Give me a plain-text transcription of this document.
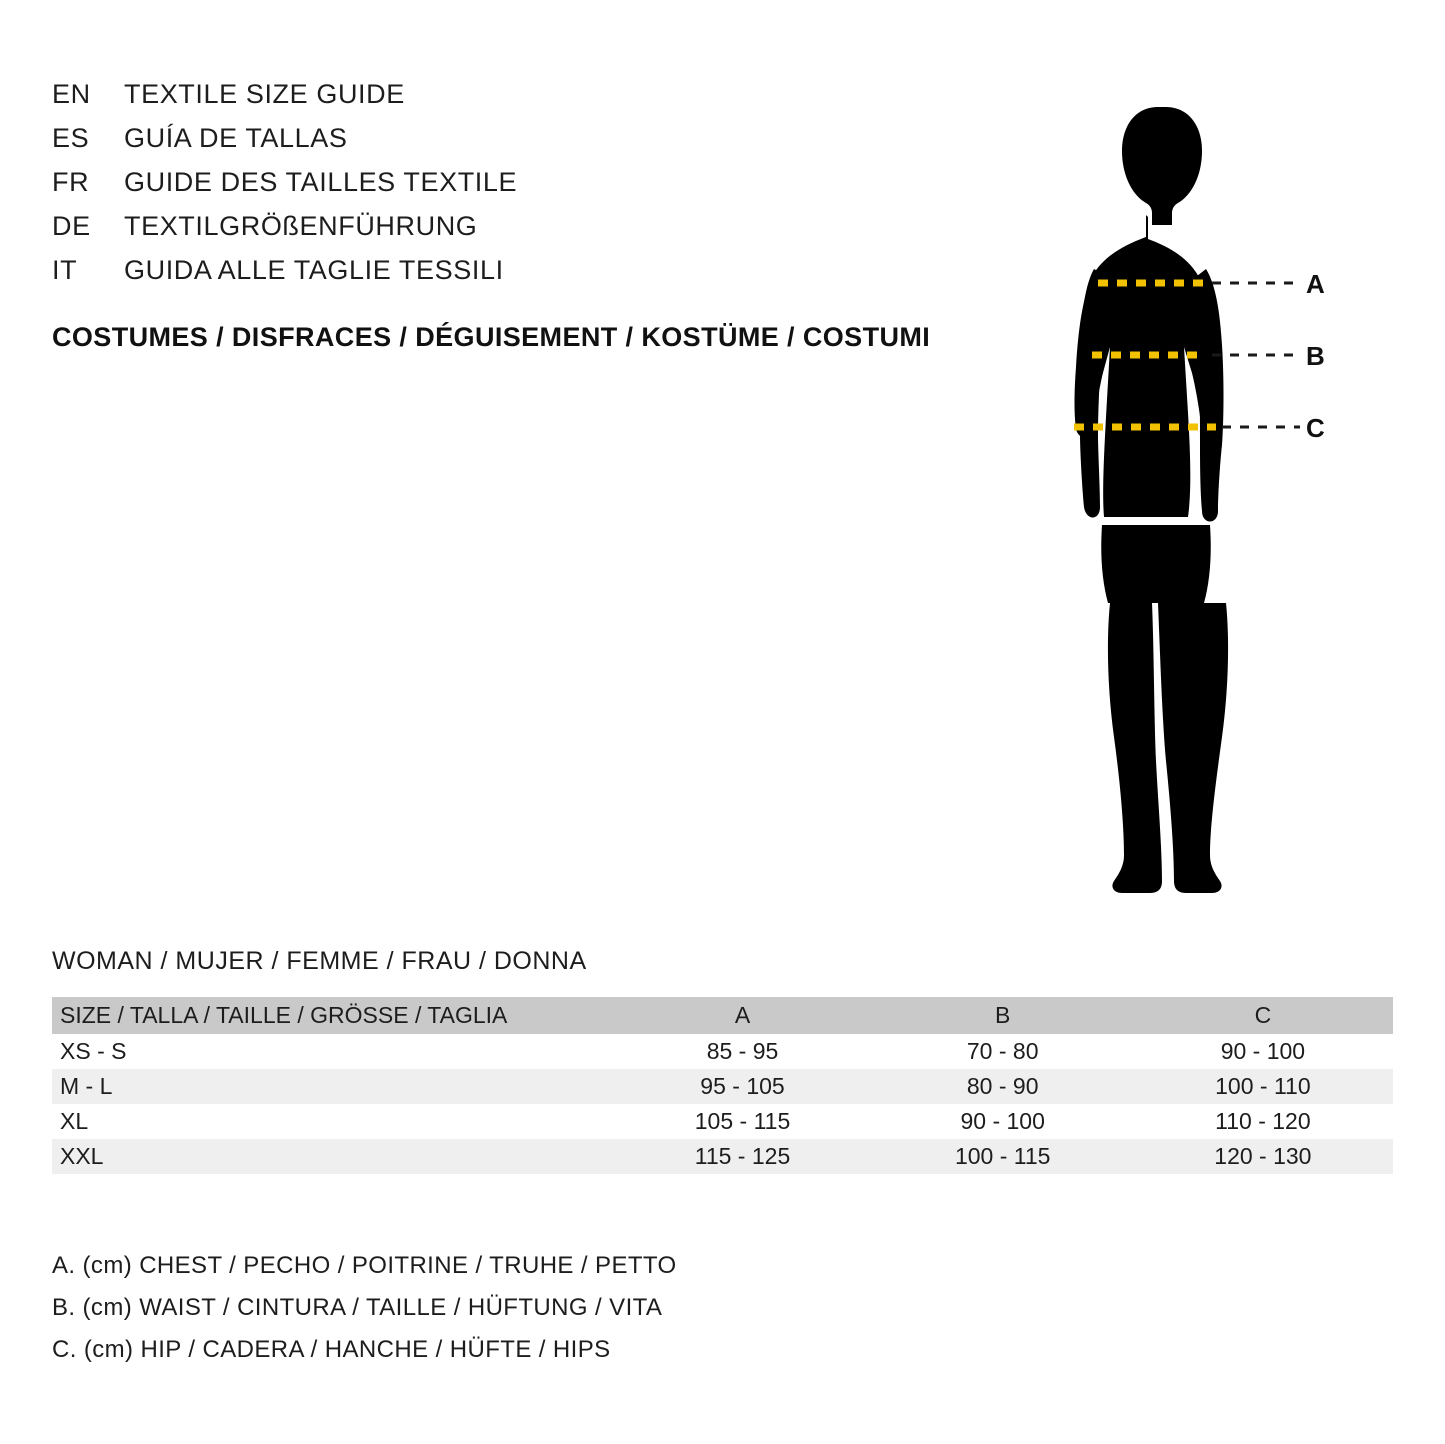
EN	TEXTILE SIZE GUIDE
ES	GUÍA DE TALLAS
FR	GUIDE DES TAILLES TEXTILE
DE	TEXTILGRÖßENFÜHRUNG
IT	GUIDA ALLE TAGLIE TESSILI
COSTUMES / DISFRACES / DÉGUISEMENT / KOSTÜME / COSTUMI
A
B
C
WOMAN / MUJER / FEMME / FRAU / DONNA
SIZE / TALLA / TAILLE / GRÖSSE / TAGLIA	A	B	C
XS - S	85 - 95	70 - 80	90 - 100
M - L	95 - 105	80 - 90	100 - 110
XL	105 - 115	90 - 100	110 - 120
XXL	115 - 125	100 - 115	120 - 130
A. (cm) CHEST / PECHO / POITRINE / TRUHE / PETTO
B. (cm) WAIST / CINTURA / TAILLE / HÜFTUNG / VITA
C. (cm) HIP / CADERA / HANCHE / HÜFTE / HIPS
